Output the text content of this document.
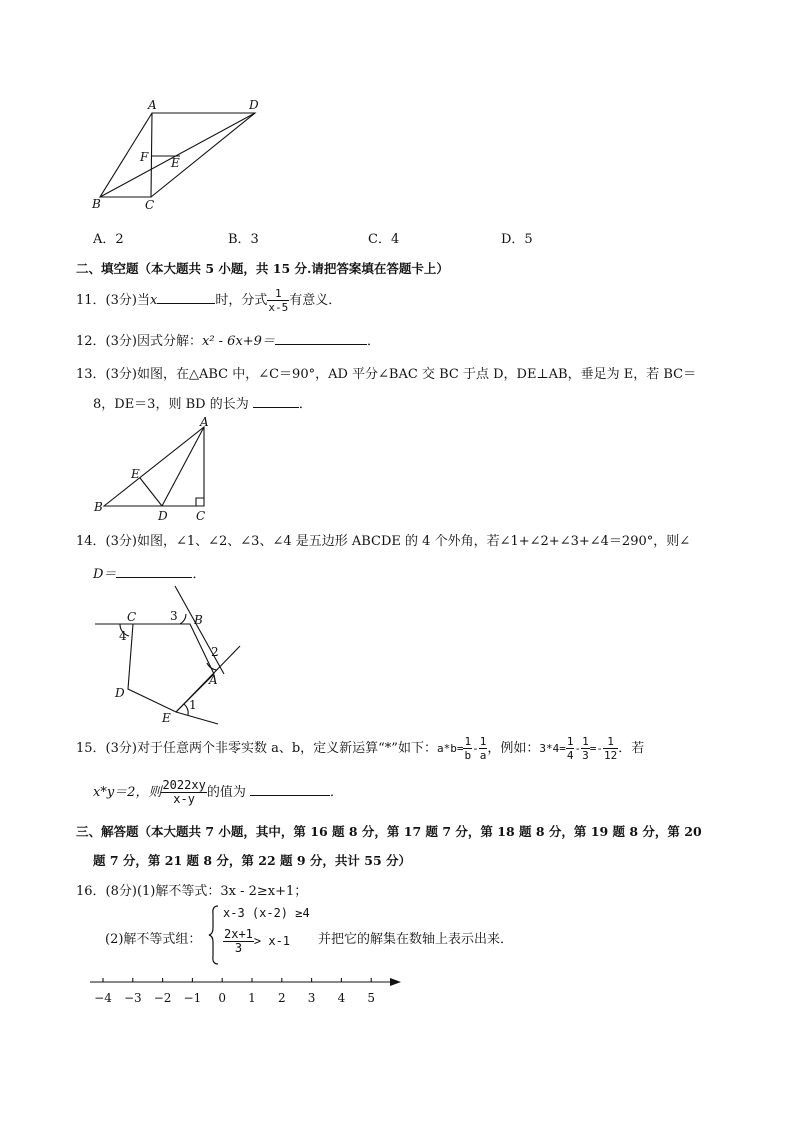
A	D
F E
B	C
A．2	B．3	C．4	D．5
二、填空题（本大题共 5 小题，共 15 分.请把答案填在答题卡上）
11．(3分)当x	时，分式 $\frac{1}{x-5}$ 有意义．
12．(3分)因式分解：x² - 6x+9＝	．
13．(3分)如图，在△ABC 中，∠C＝90°，AD 平分∠BAC 交 BC 于点 D，DE⊥AB，垂足为 E，若 BC＝
8，DE＝3，则 BD 的长为	．
A
E
B
D C
14．(3分)如图，∠1、∠2、∠3、∠4 是五边形 ABCDE 的 4 个外角，若∠1+∠2+∠3+∠4＝290°，则∠
D＝	．
C	3 B
4
2
A
D
E
1
15．(3分)对于任意两个非零实数 a、b，定义新运算“*”如下：$a*b= \frac{1}{b} - \frac{1}{a}$ ，例如：$3*4= \frac{1}{4} - \frac{1}{3} =- \frac{1}{12}$ ．若
x*y＝2，则 $\frac{2022xy}{x-y}$ 的值为	．
三、解答题（本大题共 7 小题，其中，第 16 题 8 分，第 17 题 7 分，第 18 题 8 分，第 19 题 8 分，第 20
题 7 分，第 21 题 8 分，第 22 题 9 分，共计 55 分）
16．(8分)(1)解不等式：3x - 2≥x+1；
(2)解不等式组：
x-3 (x-2) ≥4
$\frac{2x+1}{3} > x-1$ 并把它的解集在数轴上表示出来．
−4 −3 −2 −1 0 1 2 3 4 5
